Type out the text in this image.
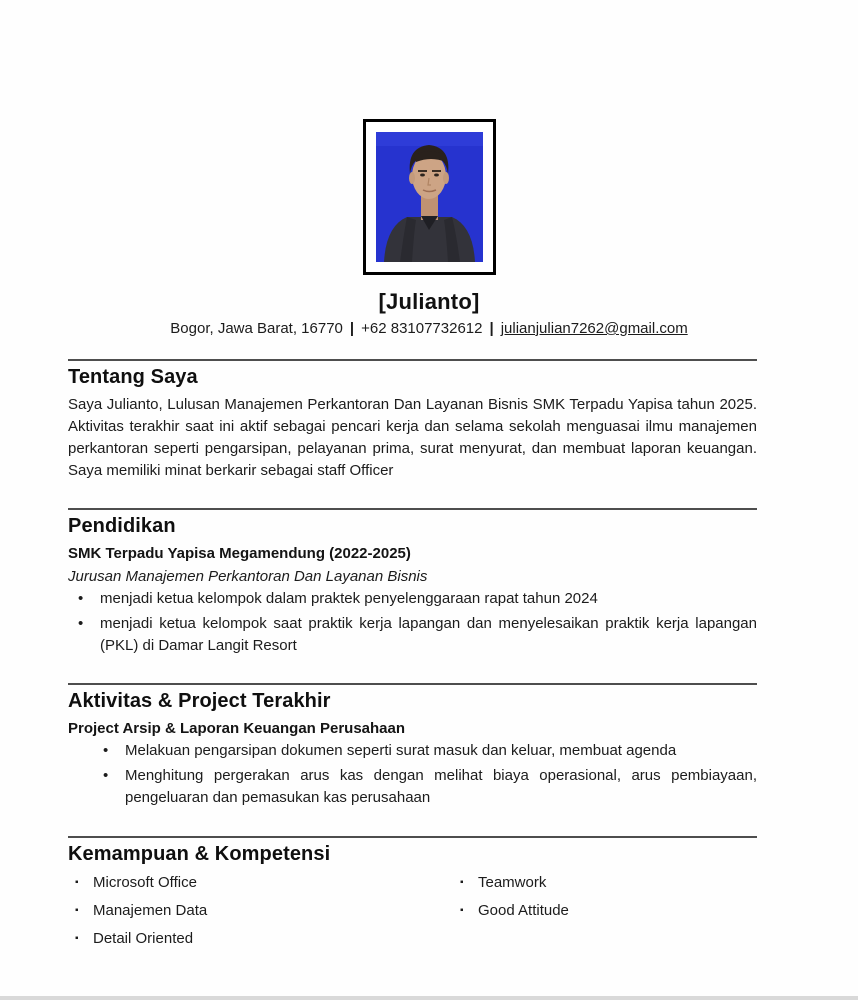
[Julianto]
Bogor, Jawa Barat, 16770 | +62 83107732612 | julianjulian7262@gmail.com
Tentang Saya
Saya Julianto, Lulusan Manajemen Perkantoran Dan Layanan Bisnis SMK Terpadu Yapisa tahun 2025. Aktivitas terakhir saat ini aktif sebagai pencari kerja dan selama sekolah menguasai ilmu manajemen perkantoran seperti pengarsipan, pelayanan prima, surat menyurat, dan membuat laporan keuangan. Saya memiliki minat berkarir sebagai staff Officer
Pendidikan
SMK Terpadu Yapisa Megamendung (2022-2025)
Jurusan Manajemen Perkantoran Dan Layanan Bisnis
•	menjadi ketua kelompok dalam praktek penyelenggaraan rapat tahun 2024
•	menjadi ketua kelompok saat praktik kerja lapangan dan menyelesaikan praktik kerja lapangan (PKL) di Damar Langit Resort
Aktivitas & Project Terakhir
Project Arsip & Laporan Keuangan Perusahaan
•	Melakuan pengarsipan dokumen seperti surat masuk dan keluar, membuat agenda
•	Menghitung pergerakan arus kas dengan melihat biaya operasional, arus pembiayaan, pengeluaran dan pemasukan kas perusahaan
Kemampuan & Kompetensi
▪ Microsoft Office
▪ Manajemen Data
▪ Detail Oriented
▪ Teamwork
▪ Good Attitude
